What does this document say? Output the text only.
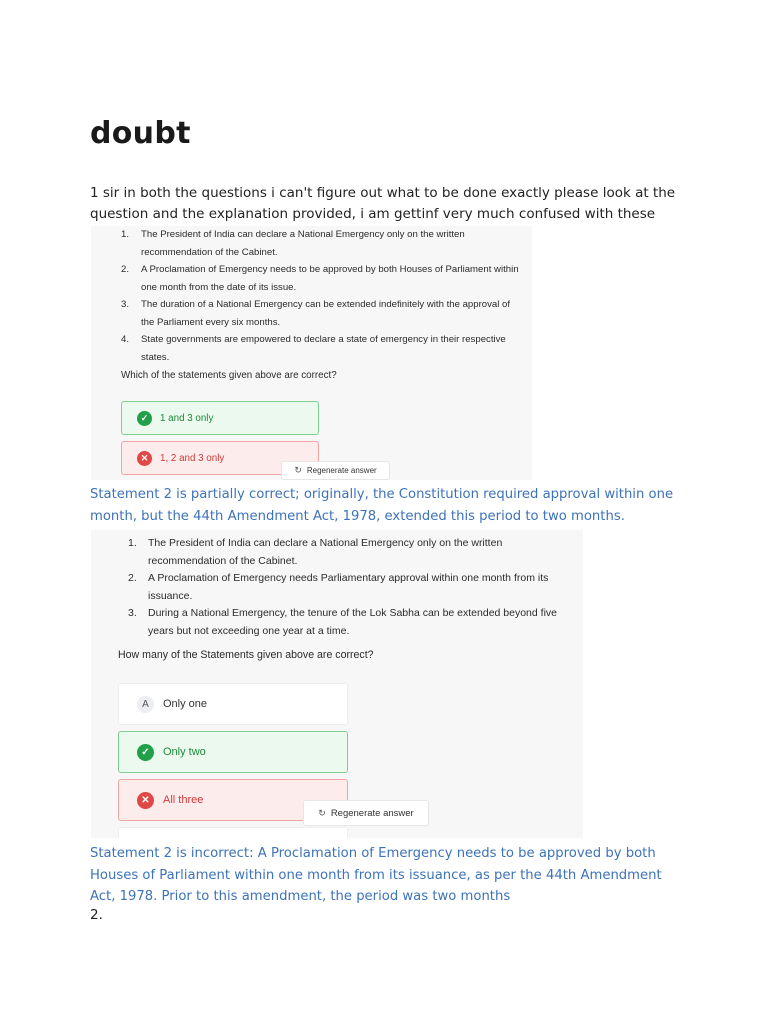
doubt

1 sir in both the questions i can't figure out what to be done exactly please look at the question and the explanation provided, i am gettinf very much confused with these

1. The President of India can declare a National Emergency only on the written recommendation of the Cabinet.
2. A Proclamation of Emergency needs to be approved by both Houses of Parliament within one month from the date of its issue.
3. The duration of a National Emergency can be extended indefinitely with the approval of the Parliament every six months.
4. State governments are empowered to declare a state of emergency in their respective states.
Which of the statements given above are correct?
✓	1 and 3 only
✕	1, 2 and 3 only
↻ Regenerate answer

Statement 2 is partially correct; originally, the Constitution required approval within one month, but the 44th Amendment Act, 1978, extended this period to two months.

1. The President of India can declare a National Emergency only on the written recommendation of the Cabinet.
2. A Proclamation of Emergency needs Parliamentary approval within one month from its issuance.
3. During a National Emergency, the tenure of the Lok Sabha can be extended beyond five years but not exceeding one year at a time.
How many of the Statements given above are correct?
A	Only one
✓	Only two
✕	All three
↻ Regenerate answer

Statement 2 is incorrect: A Proclamation of Emergency needs to be approved by both Houses of Parliament within one month from its issuance, as per the 44th Amendment Act, 1978. Prior to this amendment, the period was two months

2.
